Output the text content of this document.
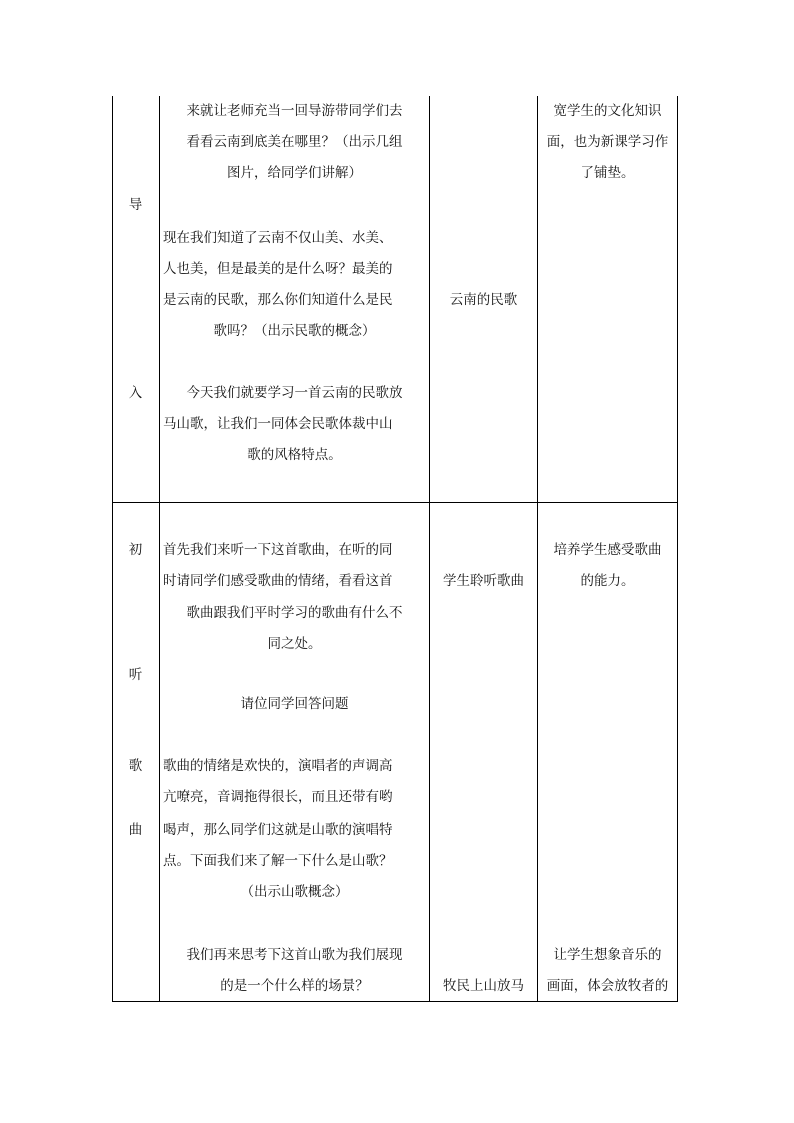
导
入
来就让老师充当一回导游带同学们去
看看云南到底美在哪里？（出示几组
图片，给同学们讲解）
现在我们知道了云南不仅山美、水美、
人也美，但是最美的是什么呀？最美的
是云南的民歌，那么你们知道什么是民
歌吗？（出示民歌的概念）
今天我们就要学习一首云南的民歌放
马山歌，让我们一同体会民歌体裁中山
歌的风格特点。
云南的民歌
宽学生的文化知识
面，也为新课学习作
了铺垫。
初
听
歌
曲
首先我们来听一下这首歌曲，在听的同
时请同学们感受歌曲的情绪，看看这首
歌曲跟我们平时学习的歌曲有什么不
同之处。
请位同学回答问题
歌曲的情绪是欢快的，演唱者的声调高
亢嘹亮，音调拖得很长，而且还带有哟
喝声，那么同学们这就是山歌的演唱特
点。下面我们来了解一下什么是山歌？
（出示山歌概念）
我们再来思考下这首山歌为我们展现
的是一个什么样的场景？
学生聆听歌曲
牧民上山放马
培养学生感受歌曲
的能力。
让学生想象音乐的
画面，体会放牧者的
